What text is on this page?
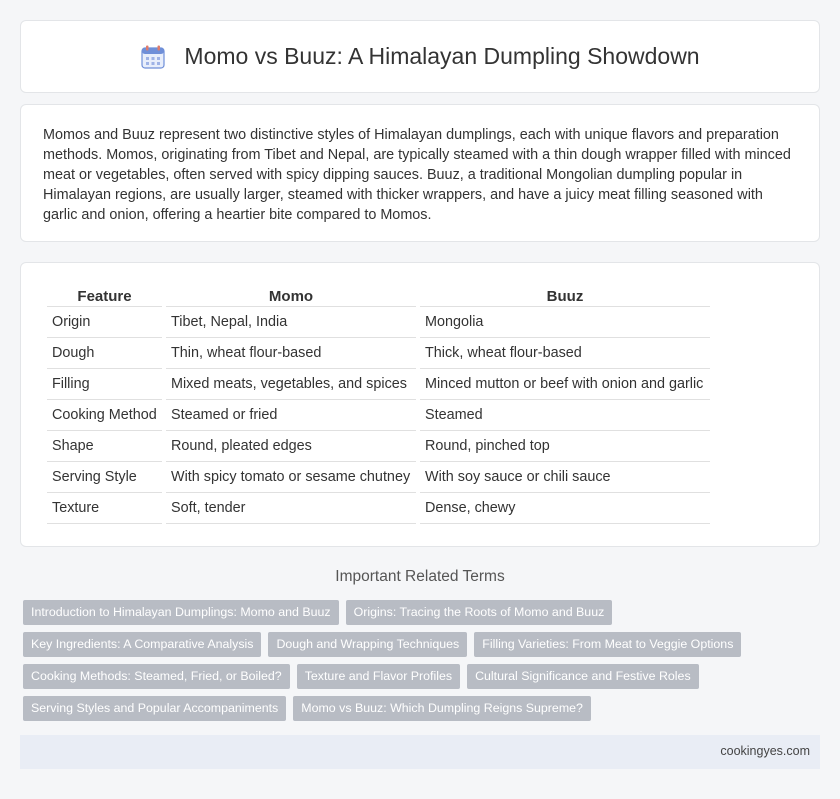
Momo vs Buuz: A Himalayan Dumpling Showdown

Momos and Buuz represent two distinctive styles of Himalayan dumplings, each with unique flavors and preparation methods. Momos, originating from Tibet and Nepal, are typically steamed with a thin dough wrapper filled with minced meat or vegetables, often served with spicy dipping sauces. Buuz, a traditional Mongolian dumpling popular in Himalayan regions, are usually larger, steamed with thicker wrappers, and have a juicy meat filling seasoned with garlic and onion, offering a heartier bite compared to Momos.

Feature	Momo	Buuz
Origin	Tibet, Nepal, India	Mongolia
Dough	Thin, wheat flour-based	Thick, wheat flour-based
Filling	Mixed meats, vegetables, and spices	Minced mutton or beef with onion and garlic
Cooking Method	Steamed or fried	Steamed
Shape	Round, pleated edges	Round, pinched top
Serving Style	With spicy tomato or sesame chutney	With soy sauce or chili sauce
Texture	Soft, tender	Dense, chewy
Important Related Terms
Introduction to Himalayan Dumplings: Momo and Buuz	Origins: Tracing the Roots of Momo and Buuz
Key Ingredients: A Comparative Analysis	Dough and Wrapping Techniques	Filling Varieties: From Meat to Veggie Options
Cooking Methods: Steamed, Fried, or Boiled?	Texture and Flavor Profiles	Cultural Significance and Festive Roles
Serving Styles and Popular Accompaniments	Momo vs Buuz: Which Dumpling Reigns Supreme?
cookingyes.com
